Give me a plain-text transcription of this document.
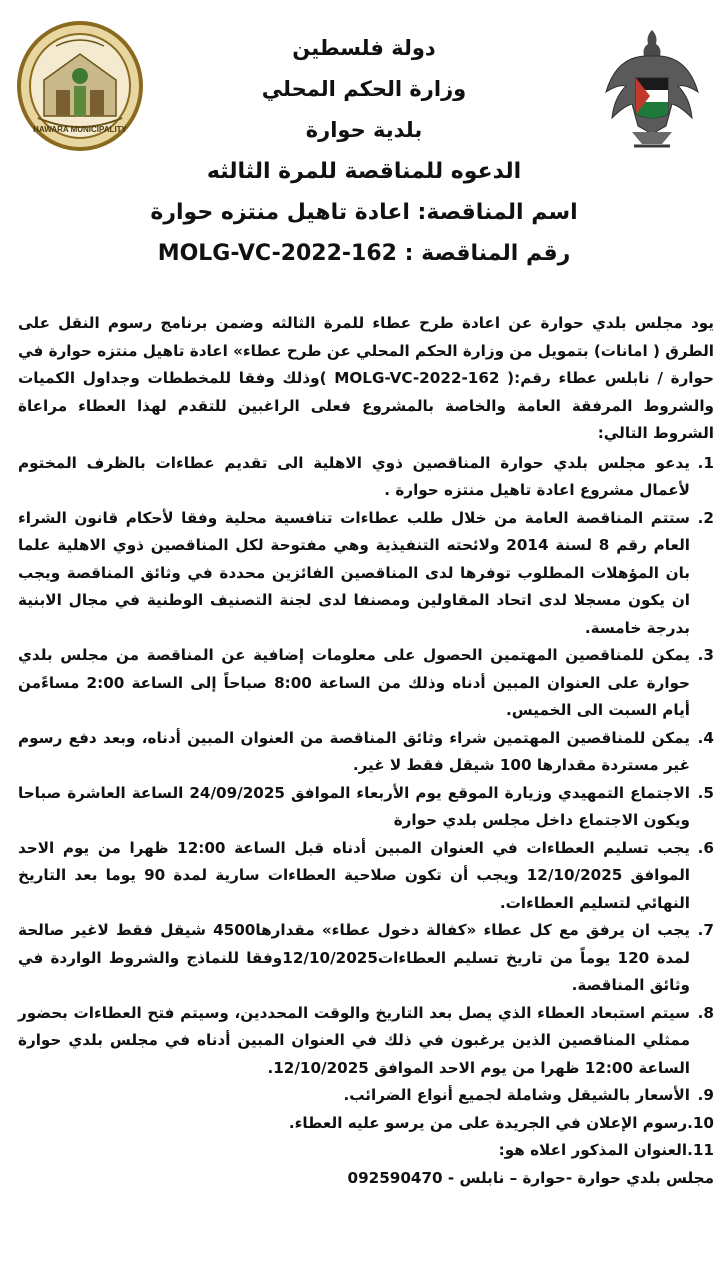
HAWARA MUNICIPALITY
دولة فلسطين
وزارة الحكم المحلي
بلدية حوارة
الدعوه للمناقصة للمرة الثالثه
اسم المناقصة: اعادة تاهيل منتزه حوارة
رقم المناقصة : MOLG-VC-2022-162

يود مجلس بلدي حوارة عن اعادة طرح عطاء للمرة الثالثه وضمن برنامج رسوم النقل على الطرق ( امانات) بتمويل من وزارة الحكم المحلي عن طرح عطاء» اعادة تاهيل منتزه حوارة في حوارة / نابلس عطاء رقم:( MOLG-VC-2022-162 )وذلك وفقا للمخططات وجداول الكميات والشروط المرفقة العامة والخاصة بالمشروع فعلى الراغبين للتقدم لهذا العطاء مراعاة الشروط التالي:

1.
يدعو مجلس بلدي حوارة المناقصين ذوي الاهلية الى تقديم عطاءات بالظرف المختوم لأعمال مشروع اعادة تاهيل منتزه حوارة .
2.
ستتم المناقصة العامة من خلال طلب عطاءات تنافسية محلية وفقا لأحكام قانون الشراء العام رقم 8 لسنة 2014 ولائحته التنفيذية وهي مفتوحة لكل المناقصين ذوي الاهلية علما بان المؤهلات المطلوب توفرها لدى المناقصين الفائزين محددة في وثائق المناقصة ويجب ان يكون مسجلا لدى اتحاد المقاولين ومصنفا لدى لجنة التصنيف الوطنية في مجال الابنية بدرجة خامسة.
3.
يمكن للمناقصين المهتمين الحصول على معلومات إضافية عن المناقصة من مجلس بلدي حوارة على العنوان المبين أدناه وذلك من الساعة 8:00 صباحاً إلى الساعة 2:00 مساءًمن أيام السبت الى الخميس.
4.
يمكن للمناقصين المهتمين شراء وثائق المناقصة من العنوان المبين أدناه، وبعد دفع رسوم غير مستردة مقدارها 100 شيقل فقط لا غير.
5.
الاجتماع التمهيدي وزيارة الموقع يوم الأربعاء الموافق 24/09/2025 الساعة العاشرة صباحا ويكون الاجتماع داخل مجلس بلدي حوارة
6.
يجب تسليم العطاءات في العنوان المبين أدناه قبل الساعة 12:00 ظهرا من يوم الاحد الموافق 12/10/2025 ويجب أن تكون صلاحية العطاءات سارية لمدة 90 يوما بعد التاريخ النهائي لتسليم العطاءات.
7.
يجب ان يرفق مع كل عطاء «كفالة دخول عطاء» مقدارها4500 شيقل فقط لاغير صالحة لمدة 120 يوماً من تاريخ تسليم العطاءات12/10/2025وفقا للنماذج والشروط الواردة في وثائق المناقصة.
8.
سيتم استبعاد العطاء الذي يصل بعد التاريخ والوقت المحددين، وسيتم فتح العطاءات بحضور ممثلي المناقصين الذين يرغبون في ذلك في العنوان المبين أدناه في مجلس بلدي حوارة الساعة 12:00 ظهرا من يوم الاحد الموافق 12/10/2025.
9.
الأسعار بالشيقل وشاملة لجميع أنواع الضرائب.
10.
رسوم الإعلان في الجريدة على من يرسو عليه العطاء.
11.
العنوان المذكور اعلاه هو:
مجلس بلدي حوارة -حوارة – نابلس - 092590470
